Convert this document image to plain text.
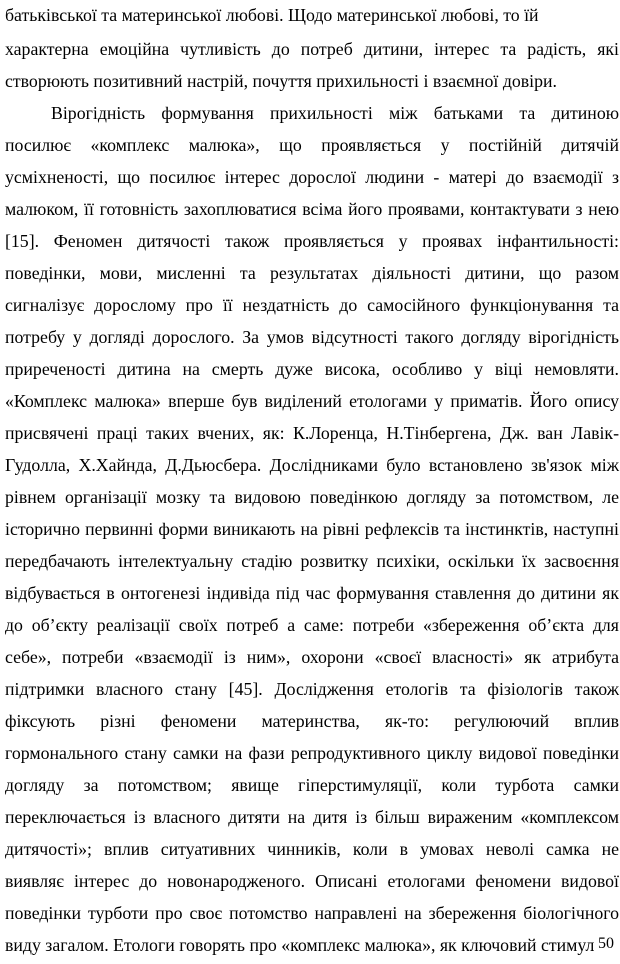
батьківської та материнської любові. Щодо материнської любові, то їй
характерна емоційна чутливість до потреб дитини, інтерес та радість, які
створюють позитивний настрій, почуття прихильності і взаємної довіри.
Вірогідність формування прихильності між батьками та дитиною
посилює «комплекс малюка», що проявляється у постійній дитячій
усміхненості, що посилює інтерес дорослої людини - матері до взаємодії з
малюком, її готовність захоплюватися всіма його проявами, контактувати з нею
[15]. Феномен дитячості також проявляється у проявах інфантильності:
поведінки, мови, мисленні та результатах діяльності дитини, що разом
сигналізує дорослому про її нездатність до самосійного функціонування та
потребу у догляді дорослого. За умов відсутності такого догляду вірогідність
приреченості дитина на смерть дуже висока, особливо у віці немовляти.
«Комплекс малюка» вперше був виділений етологами у приматів. Його опису
присвячені праці таких вчених, як: К.Лоренца, Н.Тінбергена, Дж. ван Лавік-
Гудолла, Х.Хайнда, Д.Дьюсбера. Дослідниками було встановлено зв'язок між
рівнем організації мозку та видовою поведінкою догляду за потомством, ле
історично первинні форми виникають на рівні рефлексів та інстинктів, наступні
передбачають інтелектуальну стадію розвитку психіки, оскільки їх засвоєння
відбувається в онтогенезі індивіда під час формування ставлення до дитини як
до об’єкту реалізації своїх потреб а саме: потреби «збереження об’єкта для
себе», потреби «взаємодії із ним», охорони «своєї власності» як атрибута
підтримки власного стану [45]. Дослідження етологів та фізіологів також
фіксують різні феномени материнства, як-то: регулюючий вплив
гормонального стану самки на фази репродуктивного циклу видової поведінки
догляду за потомством; явище гіперстимуляції, коли турбота самки
переключається із власного дитяти на дитя із більш вираженим «комплексом
дитячості»; вплив ситуативних чинників, коли в умовах неволі самка не
виявляє інтерес до новонародженого. Описані етологами феномени видової
поведінки турботи про своє потомство направлені на збереження біологічного
виду загалом. Етологи говорять про «комплекс малюка», як ключовий стимул 50
